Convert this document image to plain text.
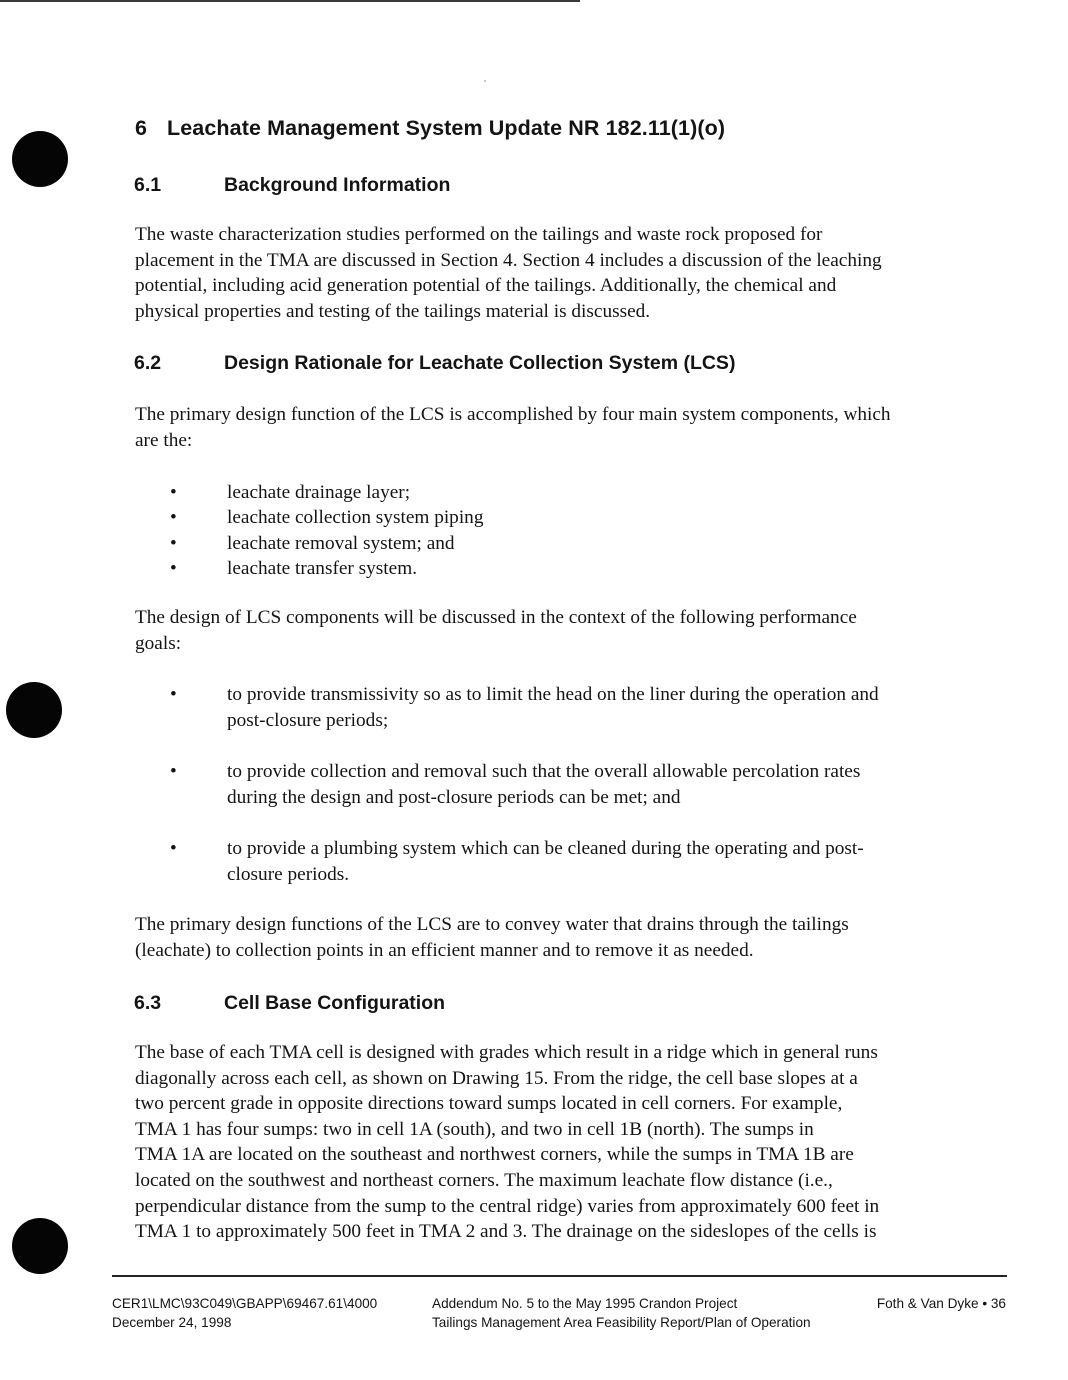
6 Leachate Management System Update NR 182.11(1)(o)
6.1	Background Information

The waste characterization studies performed on the tailings and waste rock proposed for
placement in the TMA are discussed in Section 4. Section 4 includes a discussion of the leaching
potential, including acid generation potential of the tailings. Additionally, the chemical and
physical properties and testing of the tailings material is discussed.

6.2	Design Rationale for Leachate Collection System (LCS)

The primary design function of the LCS is accomplished by four main system components, which
are the:

•	leachate drainage layer;
•	leachate collection system piping
•	leachate removal system; and
•	leachate transfer system.

The design of LCS components will be discussed in the context of the following performance
goals:

•	to provide transmissivity so as to limit the head on the liner during the operation and
post-closure periods;
•	to provide collection and removal such that the overall allowable percolation rates
during the design and post-closure periods can be met; and
•	to provide a plumbing system which can be cleaned during the operating and post-
closure periods.

The primary design functions of the LCS are to convey water that drains through the tailings
(leachate) to collection points in an efficient manner and to remove it as needed.

6.3	Cell Base Configuration

The base of each TMA cell is designed with grades which result in a ridge which in general runs
diagonally across each cell, as shown on Drawing 15. From the ridge, the cell base slopes at a
two percent grade in opposite directions toward sumps located in cell corners. For example,
TMA 1 has four sumps: two in cell 1A (south), and two in cell 1B (north). The sumps in
TMA 1A are located on the southeast and northwest corners, while the sumps in TMA 1B are
located on the southwest and northeast corners. The maximum leachate flow distance (i.e.,
perpendicular distance from the sump to the central ridge) varies from approximately 600 feet in
TMA 1 to approximately 500 feet in TMA 2 and 3. The drainage on the sideslopes of the cells is

CER1\LMC\93C049\GBAPP\69467.61\4000
December 24, 1998
Addendum No. 5 to the May 1995 Crandon Project
Tailings Management Area Feasibility Report/Plan of Operation
Foth & Van Dyke • 36
